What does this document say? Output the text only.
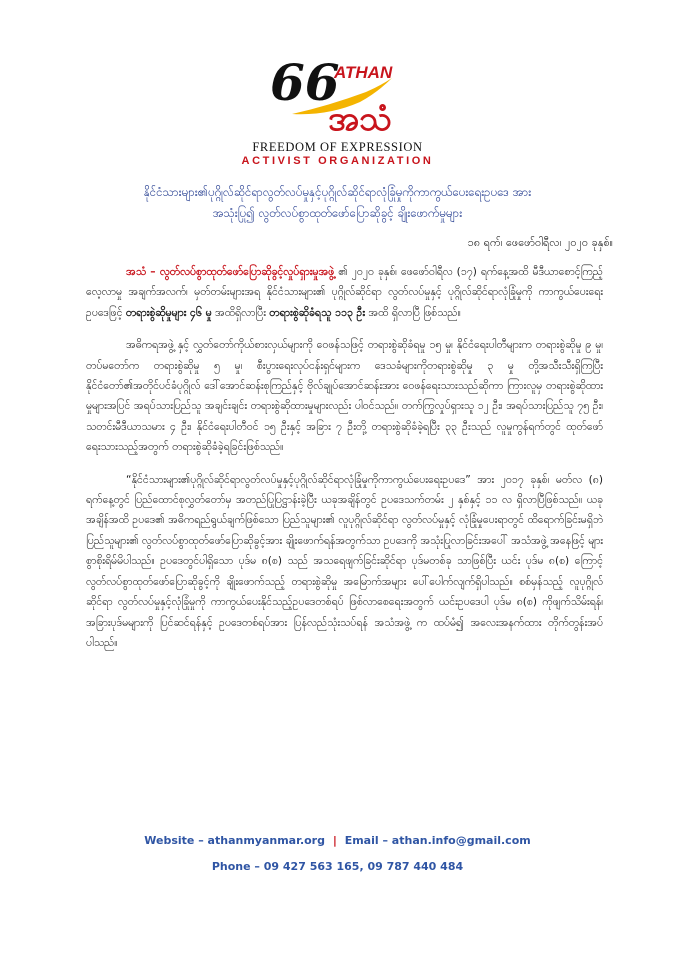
66
ATHAN
အသံ
FREEDOM OF EXPRESSION
ACTIVIST ORGANIZATION
နိုင်ငံသားများ၏ပုဂ္ဂိုလ်ဆိုင်ရာလွတ်လပ်မှုနှင့်ပုဂ္ဂိုလ်ဆိုင်ရာလုံခြုံမှုကိုကာကွယ်ပေးရေးဥပဒေ အား
အသုံးပြု၍ လွတ်လပ်စွာထုတ်ဖော်ပြောဆိုခွင့် ချိုးဖောက်မှုများ
၁၈ ရက်၊ ဖေဖော်ဝါရီလ၊ ၂၀၂၀ ခုနှစ်။

အသံ – လွတ်လပ်စွာထုတ်ဖော်ပြောဆိုခွင့်လှုပ်ရှားမှုအဖွဲ့ ၏ ၂၀၂၀ ခုနှစ်၊ ဖေဖော်ဝါရီလ (၁၇) ရက်နေ့အထိ မီဒီယာစောင့်ကြည့်လေ့လာမှု အချက်အလက်၊ မှတ်တမ်းများအရ နိုင်ငံသားများ၏ ပုဂ္ဂိုလ်ဆိုင်ရာ လွတ်လပ်မှုနှင့် ပုဂ္ဂိုလ်ဆိုင်ရာလုံခြုံမှုကို ကာကွယ်ပေးရေးဥပဒေဖြင့် တရားစွဲဆိုမှုများ ၄၆ မှု အထိရှိလာပြီး တရားစွဲဆိုခံရသူ ၁၁၃ ဦး အထိ ရှိလာပြီ ဖြစ်သည်။

အဓိကရအဖွဲ့ နှင့် လွှတ်တော်ကိုယ်စားလှယ်များကို ဝေဖန်သဖြင့် တရားစွဲဆိုခံရမှု ၁၅ မှု၊ နိုင်ငံရေးပါတီများက တရားစွဲဆိုမှု ၉ မှု၊ တပ်မတော်က တရားစွဲဆိုမှု ၅ မှု၊ စီးပွားရေးလုပ်ငန်းရှင်များက ဒေသခံများကိုတရားစွဲဆိုမှု ၃ မှု တို့အသီးသီးရှိကြပြီး နိုင်ငံတော်၏အတိုင်ပင်ခံပုဂ္ဂိုလ် ဒေါ်အောင်ဆန်းစုကြည်နှင့် ဗိုလ်ချုပ်အောင်ဆန်းအား ဝေဖန်ရေးသားသည်ဆိုကာ ကြားလူမှ တရားစွဲဆိုထားမှုများအပြင် အရပ်သားပြည်သူ အချင်းချင်း တရားစွဲဆိုထားမှုများလည်း ပါဝင်သည်။ တက်ကြွလှုပ်ရှားသူ ၁၂ ဦး၊ အရပ်သားပြည်သူ ၇၅ ဦး၊ သတင်းမီဒီယာသမား ၄ ဦး၊ နိုင်ငံရေးပါတီဝင် ၁၅ ဦးနှင့် အခြား ၇ ဦးတို့ တရားစွဲဆိုခံခဲ့ရပြီး ၃၃ ဦးသည် လူမှုကွန်ရက်တွင် ထုတ်ဖော်ရေးသားသည့်အတွက် တရားစွဲဆိုခံခဲ့ရခြင်းဖြစ်သည်။

“နိုင်ငံသားများ၏ပုဂ္ဂိုလ်ဆိုင်ရာလွတ်လပ်မှုနှင့်ပုဂ္ဂိုလ်ဆိုင်ရာလုံခြုံမှုကိုကာကွယ်ပေးရေးဥပဒေ” အား ၂၀၁၇ ခုနှစ်၊ မတ်လ (၈) ရက်နေ့တွင် ပြည်ထောင်စုလွှတ်တော်မှ အတည်ပြုပြဋ္ဌာန်းခဲ့ပြီး ယခုအချိန်တွင် ဥပဒေသက်တမ်း ၂ နှစ်နှင့် ၁၁ လ ရှိလာပြီဖြစ်သည်။ ယခုအချိန်အထိ ဥပဒေ၏ အဓိကရည်ရွယ်ချက်ဖြစ်သော ပြည်သူများ၏ လူပုဂ္ဂိုလ်ဆိုင်ရာ လွတ်လပ်မှုနှင့် လုံခြုံမှုပေးရာတွင် ထိရောက်ခြင်းမရှိဘဲ ပြည်သူများ၏ လွတ်လပ်စွာထုတ်ဖော်ပြောဆိုခွင့်အား ချိုးဖောက်ရန်အတွက်သာ ဥပဒေကို အသုံးပြုလာခြင်းအပေါ် အသံအဖွဲ့ အနေဖြင့် များစွာစိုးရိမ်မိပါသည်။ ဥပဒေတွင်ပါရှိသော ပုဒ်မ ၈(စ) သည် အသရေဖျက်ခြင်းဆိုင်ရာ ပုဒ်မတစ်ခု သာဖြစ်ပြီး ယင်း ပုဒ်မ ၈(စ) ကြောင့် လွတ်လပ်စွာထုတ်ဖော်ပြောဆိုခွင့်ကို ချိုးဖောက်သည့် တရားစွဲဆိုမှု အမြောက်အများ ပေါ်ပေါက်လျက်ရှိပါသည်။ စစ်မှန်သည့် လူပုဂ္ဂိုလ်ဆိုင်ရာ လွတ်လပ်မှုနှင့်လုံခြုံမှုကို ကာကွယ်ပေးနိုင်သည့်ဥပဒေတစ်ရပ် ဖြစ်လာစေရေးအတွက် ယင်းဥပဒေပါ ပုဒ်မ ၈(စ) ကိုဖျက်သိမ်းရန်၊ အခြားပုဒ်မများကို ပြင်ဆင်ရန်နှင့် ဥပဒေတစ်ရပ်အား ပြန်လည်သုံးသပ်ရန် အသံအဖွဲ့ က ထပ်မံ၍ အလေးအနက်ထား တိုက်တွန်းအပ်ပါသည်။

Website – athanmyanmar.org | Email – athan.info@gmail.com
Phone – 09 427 563 165, 09 787 440 484
